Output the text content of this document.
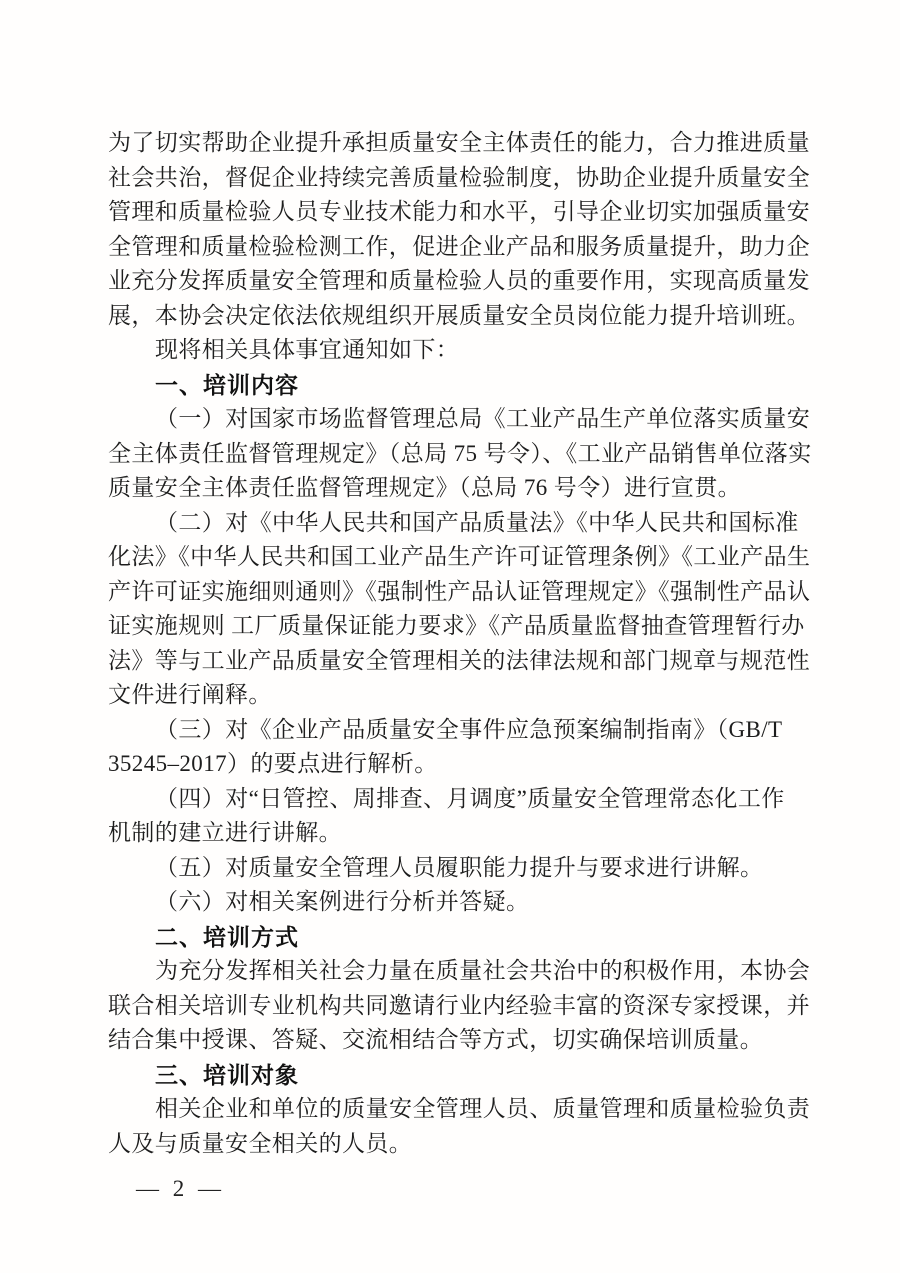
为了切实帮助企业提升承担质量安全主体责任的能力，合力推进质量
社会共治，督促企业持续完善质量检验制度，协助企业提升质量安全
管理和质量检验人员专业技术能力和水平，引导企业切实加强质量安
全管理和质量检验检测工作，促进企业产品和服务质量提升，助力企
业充分发挥质量安全管理和质量检验人员的重要作用，实现高质量发
展，本协会决定依法依规组织开展质量安全员岗位能力提升培训班。
现将相关具体事宜通知如下：
一、培训内容
（一）对国家市场监督管理总局《工业产品生产单位落实质量安
全主体责任监督管理规定》（总局 75 号令）、《工业产品销售单位落实
质量安全主体责任监督管理规定》（总局 76 号令）进行宣贯。
（二）对《中华人民共和国产品质量法》《中华人民共和国标准
化法》《中华人民共和国工业产品生产许可证管理条例》《工业产品生
产许可证实施细则通则》《强制性产品认证管理规定》《强制性产品认
证实施规则 工厂质量保证能力要求》《产品质量监督抽查管理暂行办
法》等与工业产品质量安全管理相关的法律法规和部门规章与规范性
文件进行阐释。
（三）对《企业产品质量安全事件应急预案编制指南》（GB/T
35245–2017）的要点进行解析。
（四）对“日管控、周排查、月调度”质量安全管理常态化工作
机制的建立进行讲解。
（五）对质量安全管理人员履职能力提升与要求进行讲解。
（六）对相关案例进行分析并答疑。
二、培训方式
为充分发挥相关社会力量在质量社会共治中的积极作用，本协会
联合相关培训专业机构共同邀请行业内经验丰富的资深专家授课，并
结合集中授课、答疑、交流相结合等方式，切实确保培训质量。
三、培训对象
相关企业和单位的质量安全管理人员、质量管理和质量检验负责
人及与质量安全相关的人员。
— 2 —
